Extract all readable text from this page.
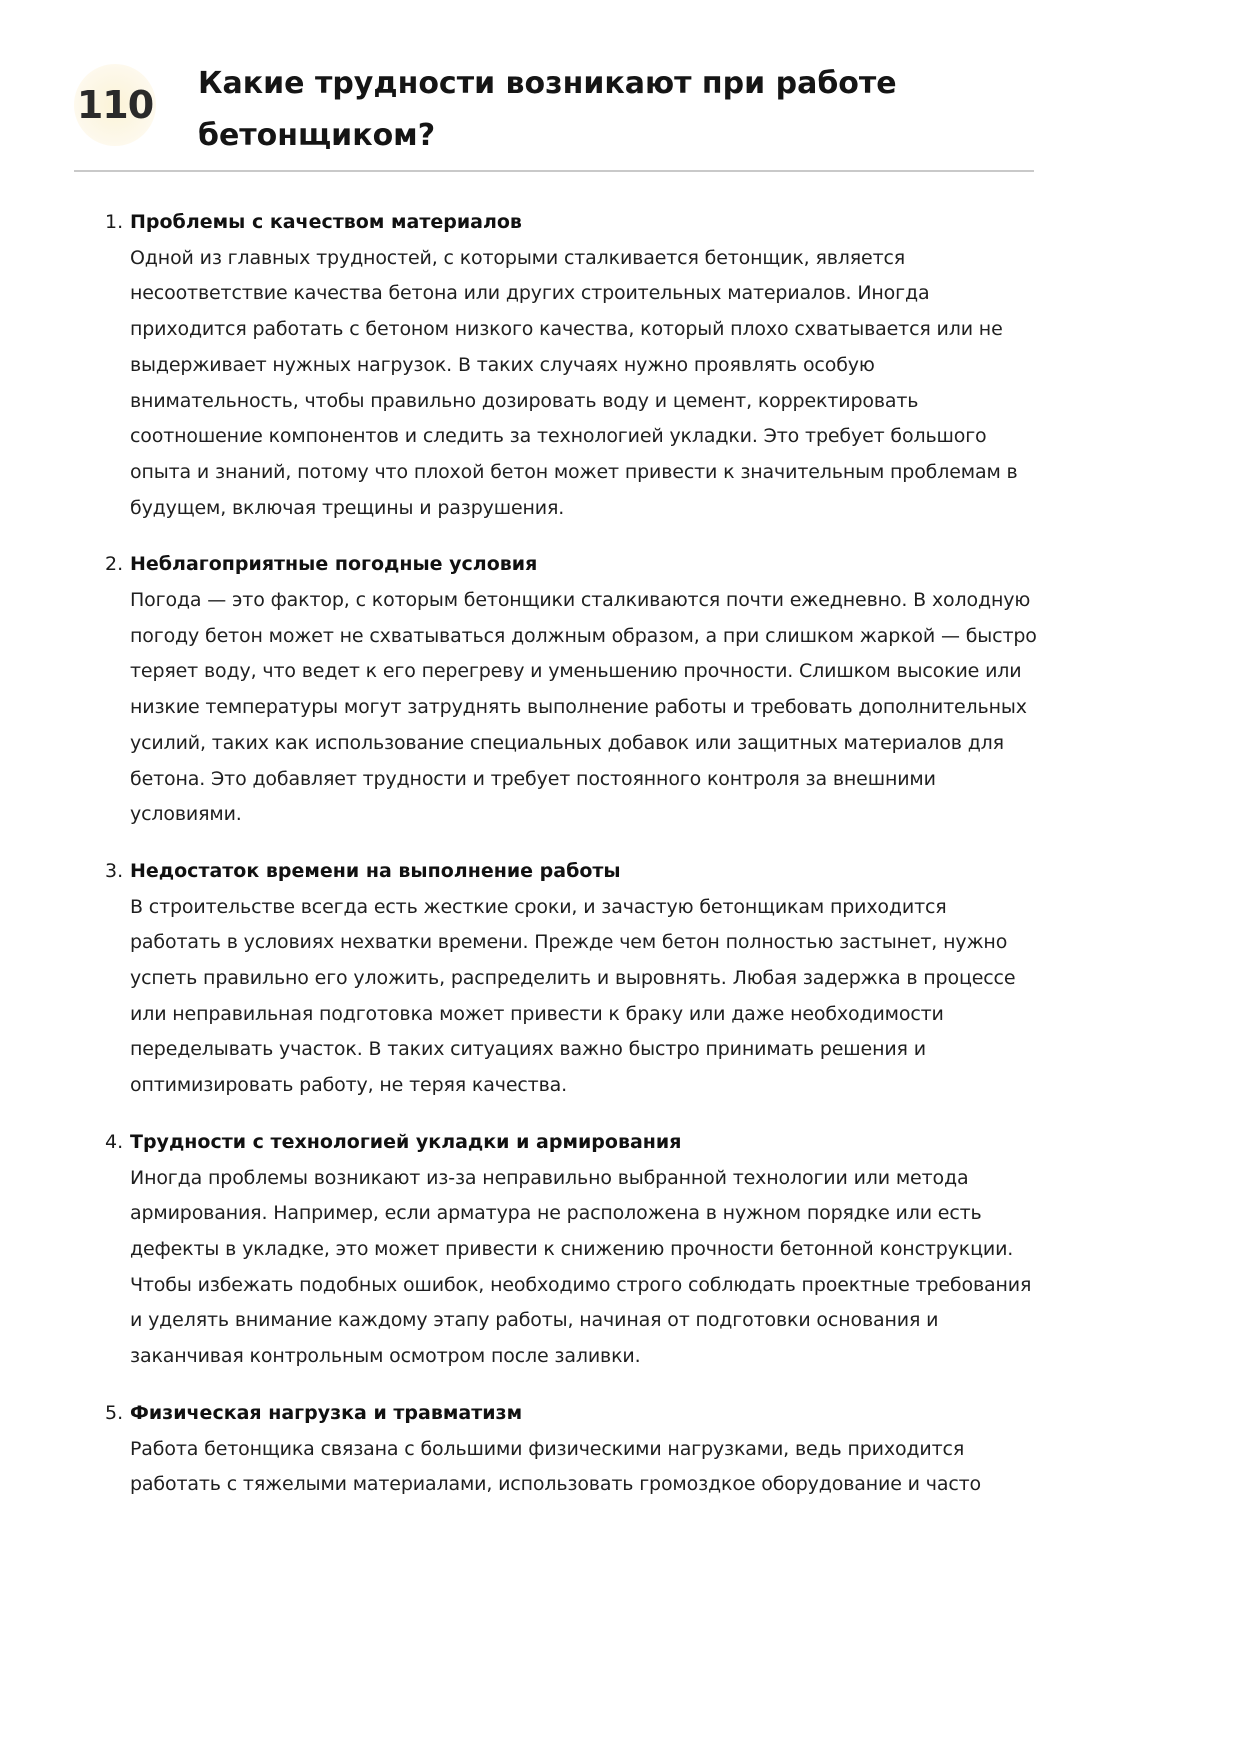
110 Какие трудности возникают при работе бетонщиком?
1. Проблемы с качеством материалов

Одной из главных трудностей, с которыми сталкивается бетонщик, является несоответствие качества бетона или других строительных материалов. Иногда приходится работать с бетоном низкого качества, который плохо схватывается или не выдерживает нужных нагрузок. В таких случаях нужно проявлять особую внимательность, чтобы правильно дозировать воду и цемент, корректировать соотношение компонентов и следить за технологией укладки. Это требует большого опыта и знаний, потому что плохой бетон может привести к значительным проблемам в будущем, включая трещины и разрушения.

2. Неблагоприятные погодные условия

Погода — это фактор, с которым бетонщики сталкиваются почти ежедневно. В холодную погоду бетон может не схватываться должным образом, а при слишком жаркой — быстро теряет воду, что ведет к его перегреву и уменьшению прочности. Слишком высокие или низкие температуры могут затруднять выполнение работы и требовать дополнительных усилий, таких как использование специальных добавок или защитных материалов для бетона. Это добавляет трудности и требует постоянного контроля за внешними условиями.

3. Недостаток времени на выполнение работы

В строительстве всегда есть жесткие сроки, и зачастую бетонщикам приходится работать в условиях нехватки времени. Прежде чем бетон полностью застынет, нужно успеть правильно его уложить, распределить и выровнять. Любая задержка в процессе или неправильная подготовка может привести к браку или даже необходимости переделывать участок. В таких ситуациях важно быстро принимать решения и оптимизировать работу, не теряя качества.

4. Трудности с технологией укладки и армирования

Иногда проблемы возникают из-за неправильно выбранной технологии или метода армирования. Например, если арматура не расположена в нужном порядке или есть дефекты в укладке, это может привести к снижению прочности бетонной конструкции. Чтобы избежать подобных ошибок, необходимо строго соблюдать проектные требования и уделять внимание каждому этапу работы, начиная от подготовки основания и заканчивая контрольным осмотром после заливки.

5. Физическая нагрузка и травматизм

Работа бетонщика связана с большими физическими нагрузками, ведь приходится работать с тяжелыми материалами, использовать громоздкое оборудование и часто
